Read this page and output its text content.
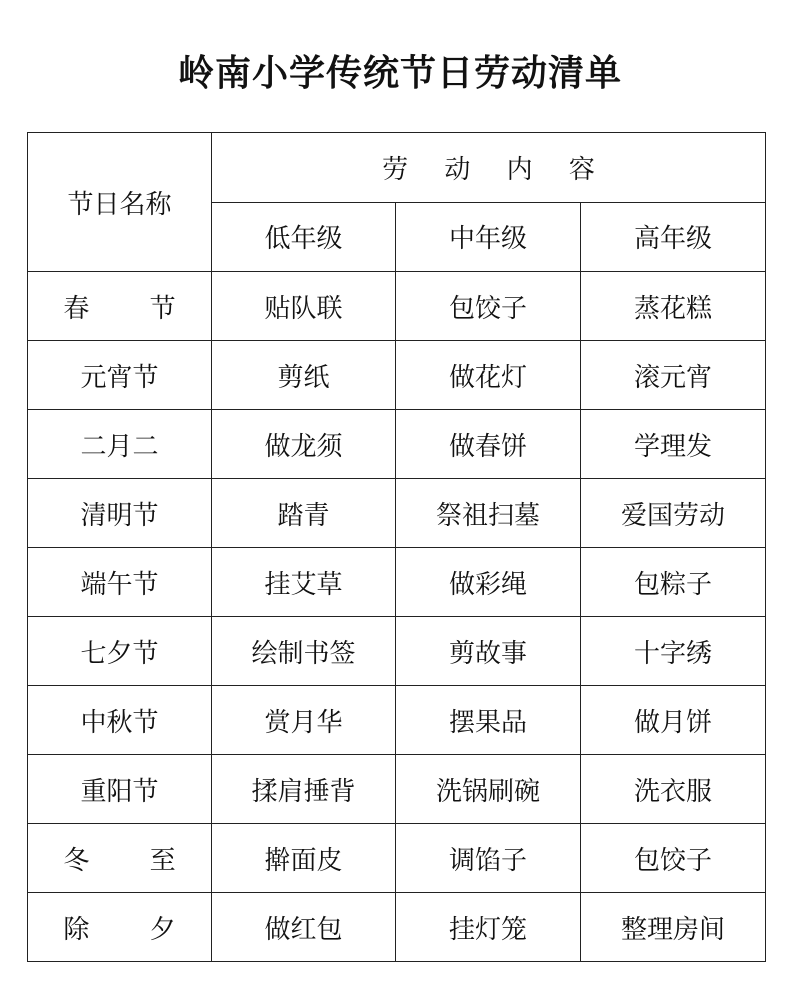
岭南小学传统节日劳动清单
节日名称	劳 动 内 容		
	低年级	中年级	高年级
春 节	贴队联	包饺子	蒸花糕
元宵节	剪纸	做花灯	滚元宵
二月二	做龙须	做春饼	学理发
清明节	踏青	祭祖扫墓	爱国劳动
端午节	挂艾草	做彩绳	包粽子
七夕节	绘制书签	剪故事	十字绣
中秋节	赏月华	摆果品	做月饼
重阳节	揉肩捶背	洗锅刷碗	洗衣服
冬 至	擀面皮	调馅子	包饺子
除 夕	做红包	挂灯笼	整理房间
